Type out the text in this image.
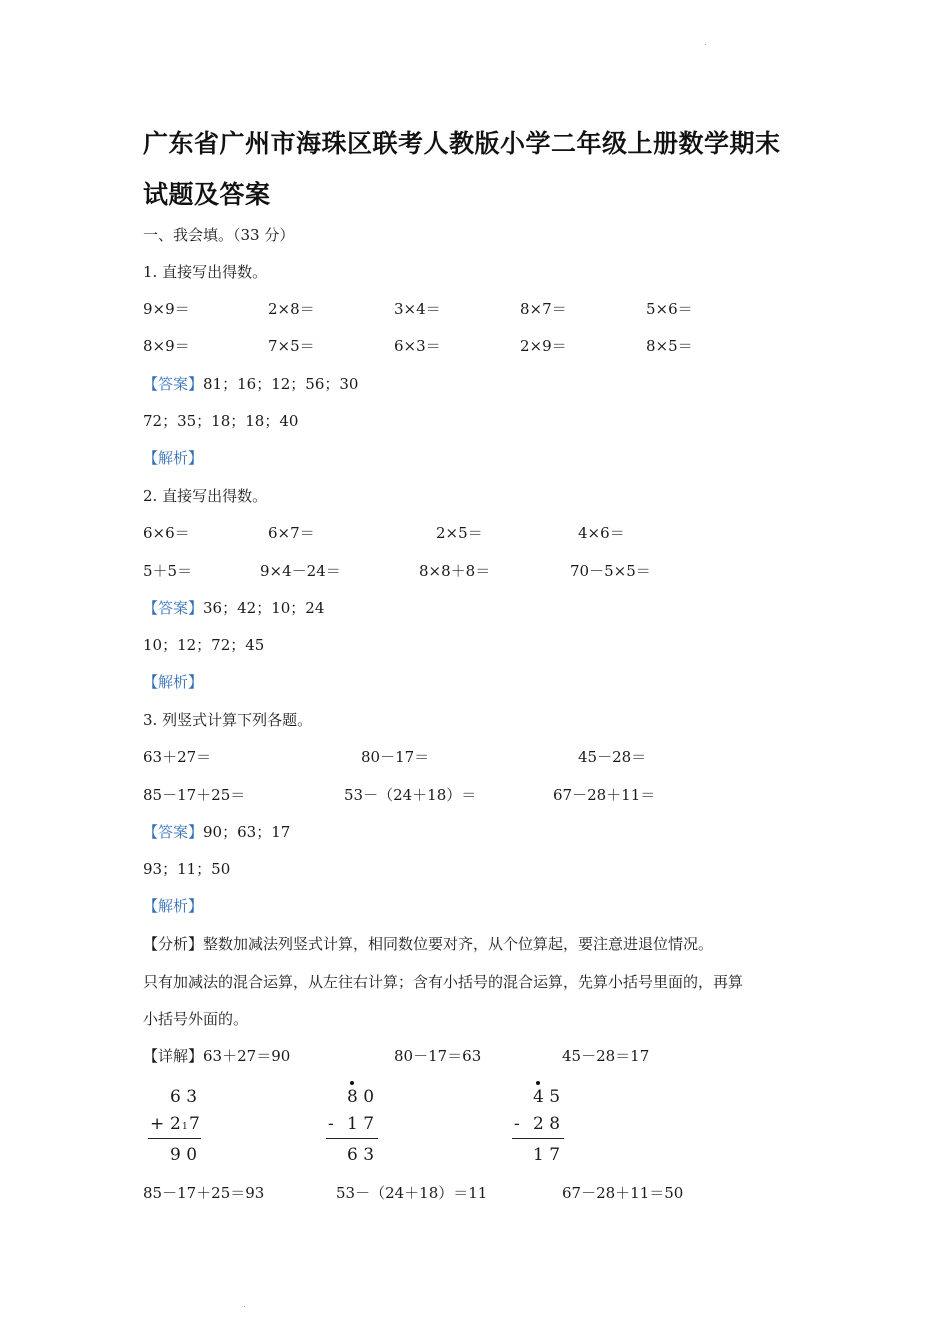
广东省广州市海珠区联考人教版小学二年级上册数学期末
试题及答案
一、我会填。（33 分）
1. 直接写出得数。
9×9＝	2×8＝	3×4＝	8×7＝	5×6＝
8×9＝	7×5＝	6×3＝	2×9＝	8×5＝
【答案】81；16；12；56；30
72；35；18；18；40
【解析】
2. 直接写出得数。
6×6＝	6×7＝	2×5＝	4×6＝
5＋5＝	9×4－24＝	8×8＋8＝	70－5×5＝
【答案】36；42；10；24
10；12；72；45
【解析】
3. 列竖式计算下列各题。
63＋27＝	80－17＝	45－28＝
85－17＋25＝	53－（24＋18）＝	67－28＋11＝
【答案】90；63；17
93；11；50
【解析】
【分析】整数加减法列竖式计算，相同数位要对齐，从个位算起，要注意进退位情况。
只有加减法的混合运算，从左往右计算；含有小括号的混合运算，先算小括号里面的，再算
小括号外面的。
【详解】63＋27＝90	80－17＝63	45－28＝17
6 3
+ 2 1 7
9 0
8 0
- 1 7
6 3
4 5
- 2 8
1 7
85－17＋25＝93	53－（24＋18）＝11	67－28＋11＝50
